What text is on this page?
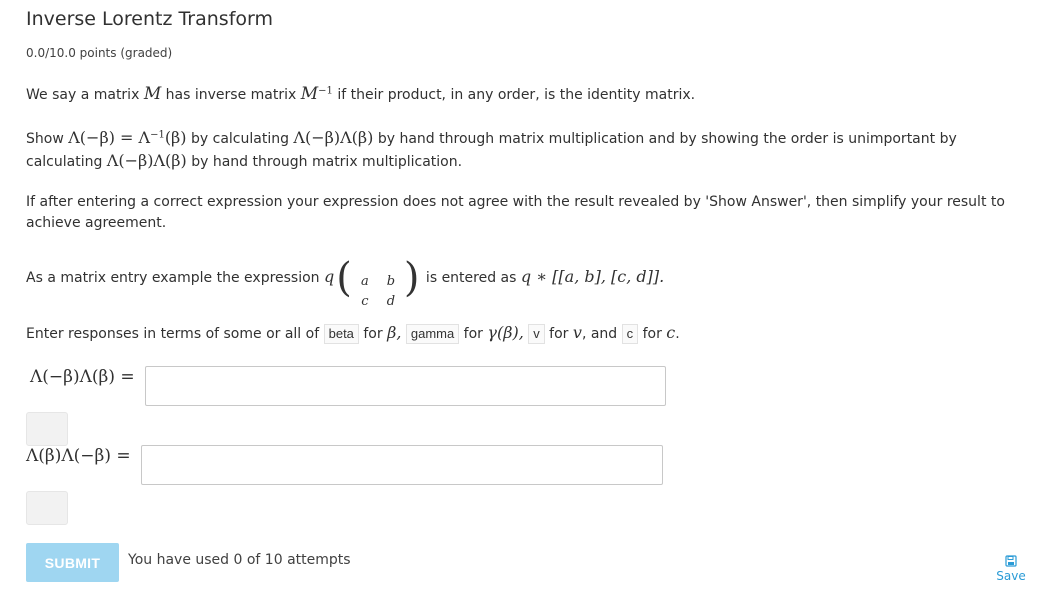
Inverse Lorentz Transform
0.0/10.0 points (graded)
We say a matrix M has inverse matrix $M^{-1}$ if their product, in any order, is the identity matrix.
Show $\Lambda(-\beta) = \Lambda^{-1}(\beta)$ by calculating Λ(−β)Λ(β) by hand through matrix multiplication and by showing the order is unimportant by
calculating Λ(−β)Λ(β) by hand through matrix multiplication.
If after entering a correct expression your expression does not agree with the result revealed by 'Show Answer', then simplify your result to
achieve agreement.
As a matrix entry example the expression q( a	b
c	d
) is entered as q ∗ [[a, b], [c, d]].
Enter responses in terms of some or all of beta for β, gamma for γ(β), v for v, and c for c.
Λ(−β)Λ(β) =
Λ(β)Λ(−β) =
SUBMIT	You have used 0 of 10 attempts
Save
